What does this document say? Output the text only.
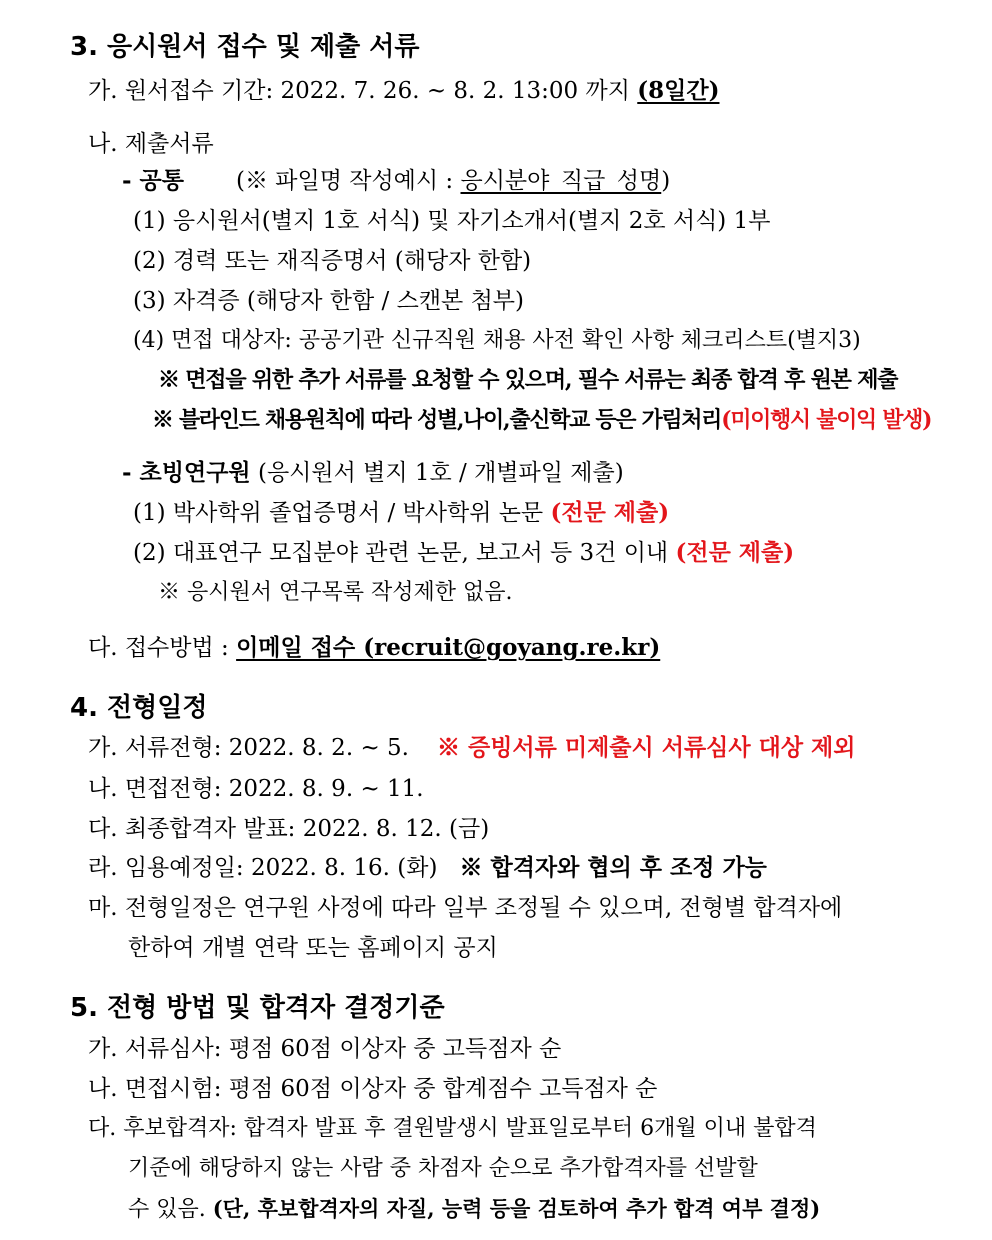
3. 응시원서 접수 및 제출 서류
가. 원서접수 기간: 2022. 7. 26. ~ 8. 2. 13:00 까지 (8일간)
나. 제출서류
- 공통 (※ 파일명 작성예시 : 응시분야_직급_성명)
(1) 응시원서(별지 1호 서식) 및 자기소개서(별지 2호 서식) 1부
(2) 경력 또는 재직증명서 (해당자 한함)
(3) 자격증 (해당자 한함 / 스캔본 첨부)
(4) 면접 대상자: 공공기관 신규직원 채용 사전 확인 사항 체크리스트(별지3)
※ 면접을 위한 추가 서류를 요청할 수 있으며, 필수 서류는 최종 합격 후 원본 제출
※ 블라인드 채용원칙에 따라 성별,나이,출신학교 등은 가림처리(미이행시 불이익 발생)
- 초빙연구원 (응시원서 별지 1호 / 개별파일 제출)
(1) 박사학위 졸업증명서 / 박사학위 논문 (전문 제출)
(2) 대표연구 모집분야 관련 논문, 보고서 등 3건 이내 (전문 제출)
※ 응시원서 연구목록 작성제한 없음.
다. 접수방법 : 이메일 접수 (recruit@goyang.re.kr)
4. 전형일정
가. 서류전형: 2022. 8. 2. ~ 5. ※ 증빙서류 미제출시 서류심사 대상 제외
나. 면접전형: 2022. 8. 9. ~ 11.
다. 최종합격자 발표: 2022. 8. 12. (금)
라. 임용예정일: 2022. 8. 16. (화) ※ 합격자와 협의 후 조정 가능
마. 전형일정은 연구원 사정에 따라 일부 조정될 수 있으며, 전형별 합격자에
한하여 개별 연락 또는 홈페이지 공지
5. 전형 방법 및 합격자 결정기준
가. 서류심사: 평점 60점 이상자 중 고득점자 순
나. 면접시험: 평점 60점 이상자 중 합계점수 고득점자 순
다. 후보합격자: 합격자 발표 후 결원발생시 발표일로부터 6개월 이내 불합격
기준에 해당하지 않는 사람 중 차점자 순으로 추가합격자를 선발할
수 있음. (단, 후보합격자의 자질, 능력 등을 검토하여 추가 합격 여부 결정)
